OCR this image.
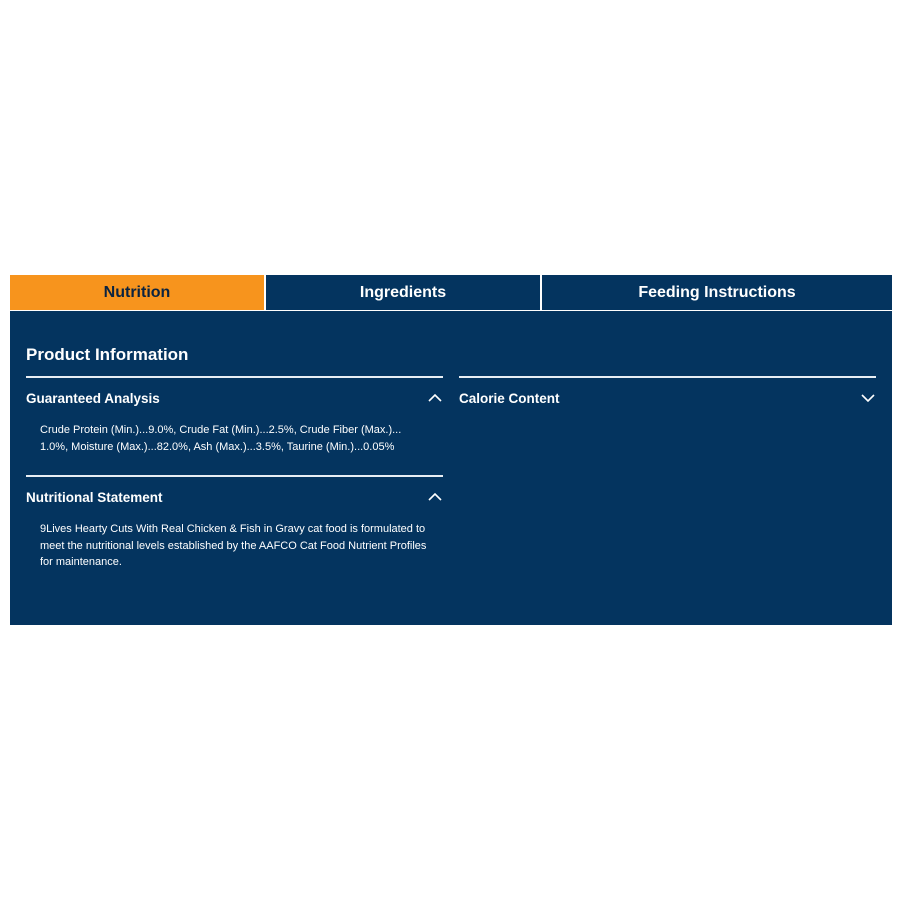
Nutrition	Ingredients	Feeding Instructions
Product Information
Guaranteed Analysis
Crude Protein (Min.)...9.0%, Crude Fat (Min.)...2.5%, Crude Fiber (Max.)... 1.0%, Moisture (Max.)...82.0%, Ash (Max.)...3.5%, Taurine (Min.)...0.05%
Nutritional Statement
9Lives Hearty Cuts With Real Chicken & Fish in Gravy cat food is formulated to meet the nutritional levels established by the AAFCO Cat Food Nutrient Profiles for maintenance.
Calorie Content
